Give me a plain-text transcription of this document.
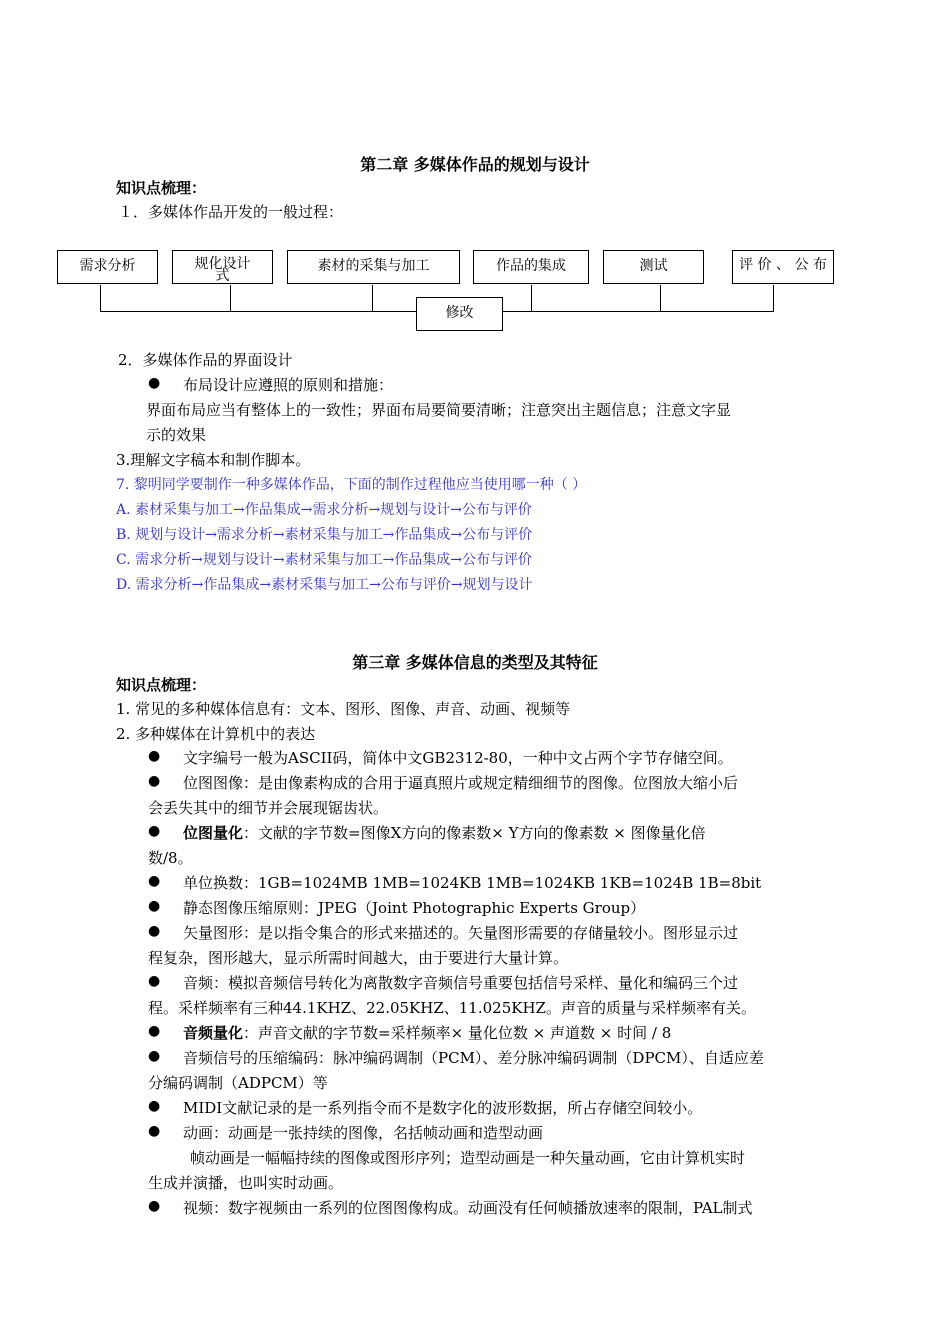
第二章 多媒体作品的规划与设计
知识点梳理：
１．多媒体作品开发的一般过程：
需求分析	规化设计
式
素材的采集与加工	作品的集成	测试	评 价 、 公 布
修改
2．多媒体作品的界面设计
● 布局设计应遵照的原则和措施：
界面布局应当有整体上的一致性；界面布局要简要清晰；注意突出主题信息；注意文字显
示的效果
3.理解文字稿本和制作脚本。
7. 黎明同学要制作一种多媒体作品，下面的制作过程他应当使用哪一种（ ）
A. 素材采集与加工→作品集成→需求分析→规划与设计→公布与评价
B. 规划与设计→需求分析→素材采集与加工→作品集成→公布与评价
C. 需求分析→规划与设计→素材采集与加工→作品集成→公布与评价
D. 需求分析→作品集成→素材采集与加工→公布与评价→规划与设计
第三章 多媒体信息的类型及其特征
知识点梳理：
1. 常见的多种媒体信息有：文本、图形、图像、声音、动画、视频等
2. 多种媒体在计算机中的表达
● 文字编号一般为ASCII码，简体中文GB2312-80，一种中文占两个字节存储空间。
● 位图图像：是由像素构成的合用于逼真照片或规定精细细节的图像。位图放大缩小后
会丢失其中的细节并会展现锯齿状。
● 位图量化：文献的字节数=图像X方向的像素数× Y方向的像素数 × 图像量化倍
数/8。
● 单位换数：1GB=1024MB 1MB=1024KB 1MB=1024KB 1KB=1024B 1B=8bit
● 静态图像压缩原则：JPEG（Joint Photographic Experts Group）
● 矢量图形：是以指令集合的形式来描述的。矢量图形需要的存储量较小。图形显示过
程复杂，图形越大，显示所需时间越大，由于要进行大量计算。
● 音频：模拟音频信号转化为离散数字音频信号重要包括信号采样、量化和编码三个过
程。采样频率有三种44.1KHZ、22.05KHZ、11.025KHZ。声音的质量与采样频率有关。
● 音频量化：声音文献的字节数=采样频率× 量化位数 × 声道数 × 时间 / 8
● 音频信号的压缩编码：脉冲编码调制（PCM）、差分脉冲编码调制（DPCM）、自适应差
分编码调制（ADPCM）等
● MIDI文献记录的是一系列指令而不是数字化的波形数据，所占存储空间较小。
● 动画：动画是一张持续的图像，名括帧动画和造型动画
帧动画是一幅幅持续的图像或图形序列；造型动画是一种矢量动画，它由计算机实时
生成并演播，也叫实时动画。
● 视频：数字视频由一系列的位图图像构成。动画没有任何帧播放速率的限制，PAL制式
